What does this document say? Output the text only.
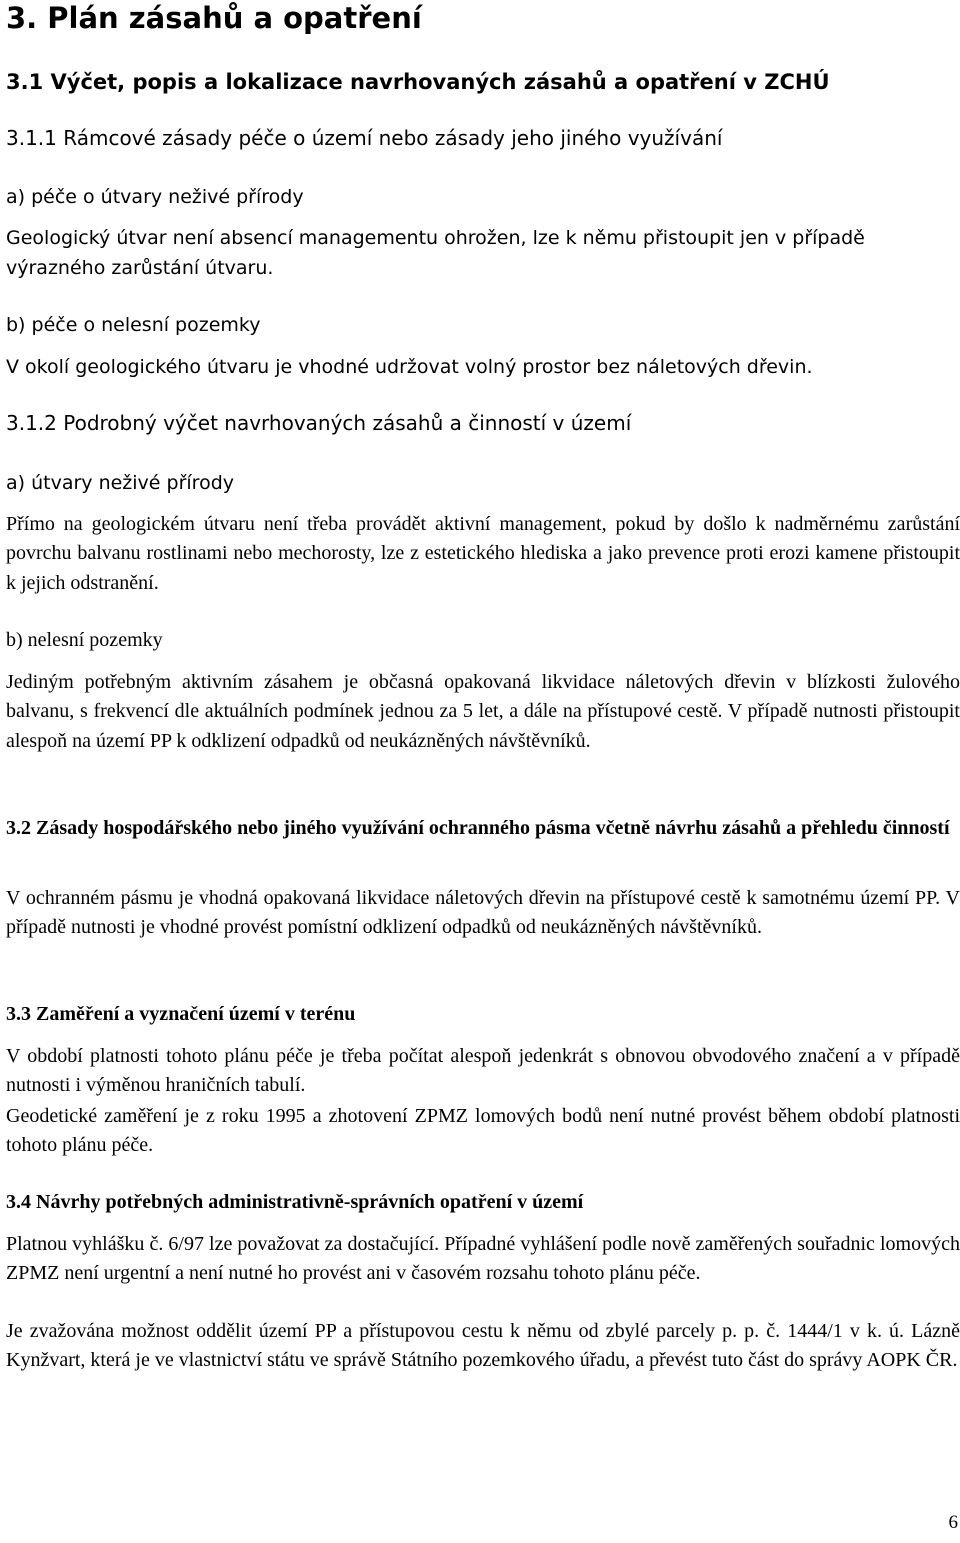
3. Plán zásahů a opatření
3.1 Výčet, popis a lokalizace navrhovaných zásahů a opatření v ZCHÚ
3.1.1 Rámcové zásady péče o území nebo zásady jeho jiného využívání

a) péče o útvary neživé přírody

Geologický útvar není absencí managementu ohrožen, lze k němu přistoupit jen v případě výrazného zarůstání útvaru.

b) péče o nelesní pozemky

V okolí geologického útvaru je vhodné udržovat volný prostor bez náletových dřevin.

3.1.2 Podrobný výčet navrhovaných zásahů a činností v území

a) útvary neživé přírody

Přímo na geologickém útvaru není třeba provádět aktivní management, pokud by došlo k nadměrnému zarůstání povrchu balvanu rostlinami nebo mechorosty, lze z estetického hlediska a jako prevence proti erozi kamene přistoupit k jejich odstranění.

b) nelesní pozemky

Jediným potřebným aktivním zásahem je občasná opakovaná likvidace náletových dřevin v blízkosti žulového balvanu, s frekvencí dle aktuálních podmínek jednou za 5 let, a dále na přístupové cestě. V případě nutnosti přistoupit alespoň na území PP k odklizení odpadků od neukázněných návštěvníků.

3.2 Zásady hospodářského nebo jiného využívání ochranného pásma včetně návrhu zásahů a přehledu činností

V ochranném pásmu je vhodná opakovaná likvidace náletových dřevin na přístupové cestě k samotnému území PP. V případě nutnosti je vhodné provést pomístní odklizení odpadků od neukázněných návštěvníků.

3.3 Zaměření a vyznačení území v terénu

V období platnosti tohoto plánu péče je třeba počítat alespoň jedenkrát s obnovou obvodového značení a v případě nutnosti i výměnou hraničních tabulí.

Geodetické zaměření je z roku 1995 a zhotovení ZPMZ lomových bodů není nutné provést během období platnosti tohoto plánu péče.

3.4 Návrhy potřebných administrativně-správních opatření v území

Platnou vyhlášku č. 6/97 lze považovat za dostačující. Případné vyhlášení podle nově zaměřených souřadnic lomových ZPMZ není urgentní a není nutné ho provést ani v časovém rozsahu tohoto plánu péče.

Je zvažována možnost oddělit území PP a přístupovou cestu k němu od zbylé parcely p. p. č. 1444/1 v k. ú. Lázně Kynžvart, která je ve vlastnictví státu ve správě Státního pozemkového úřadu, a převést tuto část do správy AOPK ČR.

6
